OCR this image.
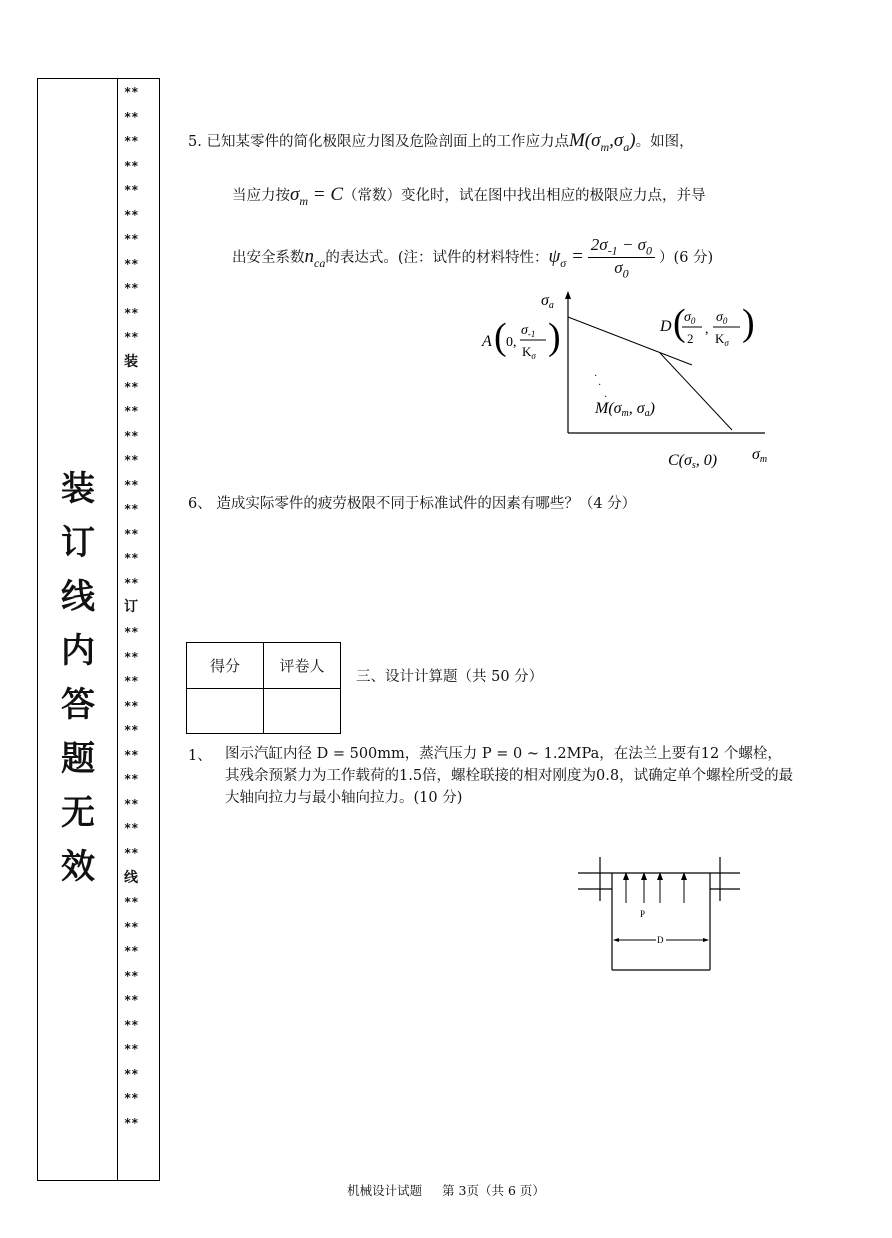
装
订
线
内
答
题
无
效
**
**
**
**
**
**
**
**
**
**
**
装
**
**
**
**
**
**
**
**
**
订
**
**
**
**
**
**
**
**
**
**
线
**
**
**
**
**
**
**
**
**
**
5. 已知某零件的简化极限应力图及危险剖面上的工作应力点$M(\sigma_m,\sigma_a)$。如图，
当应力按$\sigma_m = C$（常数）变化时，试在图中找出相应的极限应力点，并导
出安全系数$n_{ca}$的表达式。(注：试件的材料特性：$\psi_\sigma = \frac{2\sigma_{-1} - \sigma_0}{\sigma_0} )(6$ 分)
·
·
·
σa
σm
A ( 0,
$\sigma_{-1}$
$K_\sigma$ )	D (
$\sigma_0$
2
,
$\sigma_0$
$K_\sigma$ )
M(σm, σa)
C(σs, 0)
6、 造成实际零件的疲劳极限不同于标准试件的因素有哪些？（4 分）
得分	评卷人

三、设计计算题（共 50 分）
1、 图示汽缸内径 D = 500mm，蒸汽压力 P = 0 ~ 1.2MPa，在法兰上要有12 个螺栓，其残余预紧力为工作载荷的1.5倍，螺栓联接的相对刚度为0.8，试确定单个螺栓所受的最大轴向拉力与最小轴向拉力。(10 分)
P
D
机械设计试题 第 3页（共 6 页）
